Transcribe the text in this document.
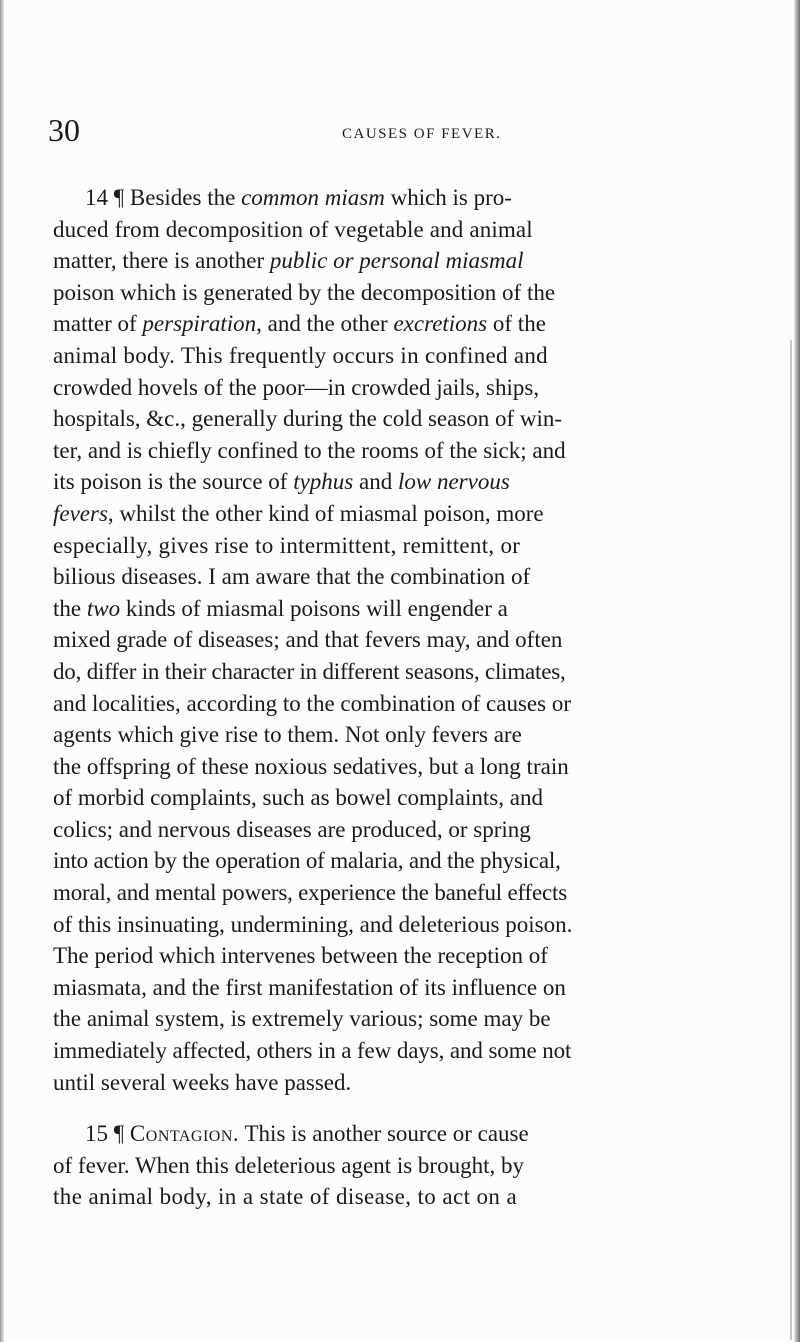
30	CAUSES OF FEVER.
14 ¶ Besides the common miasm which is pro-
duced from decomposition of vegetable and animal
matter, there is another public or personal miasmal
poison which is generated by the decomposition of the
matter of perspiration, and the other excretions of the
animal body. This frequently occurs in confined and
crowded hovels of the poor—in crowded jails, ships,
hospitals, &c., generally during the cold season of win-
ter, and is chiefly confined to the rooms of the sick; and
its poison is the source of typhus and low nervous
fevers, whilst the other kind of miasmal poison, more
especially, gives rise to intermittent, remittent, or
bilious diseases. I am aware that the combination of
the two kinds of miasmal poisons will engender a
mixed grade of diseases; and that fevers may, and often
do, differ in their character in different seasons, climates,
and localities, according to the combination of causes or
agents which give rise to them. Not only fevers are
the offspring of these noxious sedatives, but a long train
of morbid complaints, such as bowel complaints, and
colics; and nervous diseases are produced, or spring
into action by the operation of malaria, and the physical,
moral, and mental powers, experience the baneful effects
of this insinuating, undermining, and deleterious poison.
The period which intervenes between the reception of
miasmata, and the first manifestation of its influence on
the animal system, is extremely various; some may be
immediately affected, others in a few days, and some not
until several weeks have passed.
15 ¶ Contagion. This is another source or cause
of fever. When this deleterious agent is brought, by
the animal body, in a state of disease, to act on a
